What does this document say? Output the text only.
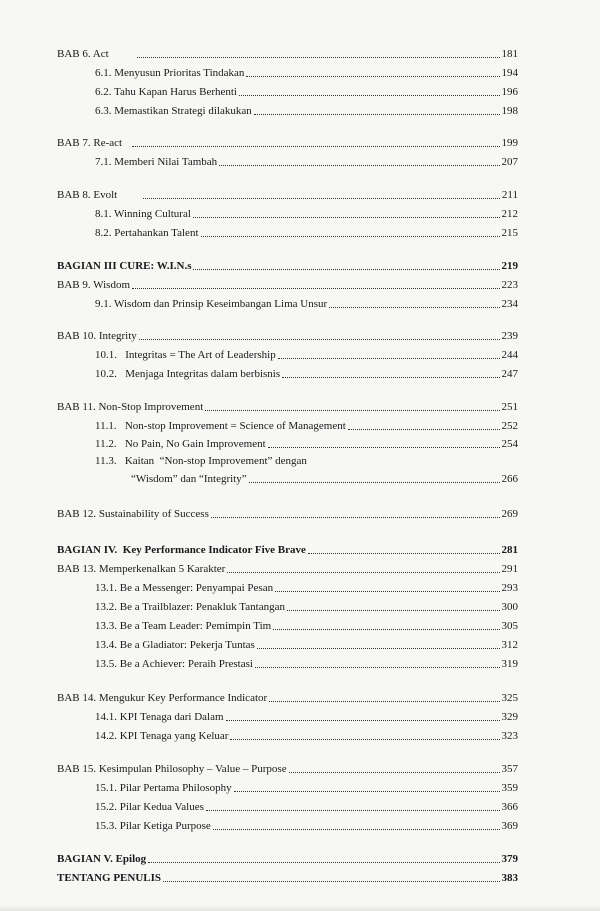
BAB 6. Act	181
6.1. Menyusun Prioritas Tindakan	194
6.2. Tahu Kapan Harus Berhenti	196
6.3. Memastikan Strategi dilakukan	198
BAB 7. Re-act	199
7.1. Memberi Nilai Tambah	207
BAB 8. Evolt	211
8.1. Winning Cultural	212
8.2. Pertahankan Talent	215
BAGIAN III CURE: W.I.N.s	219
BAB 9. Wisdom	223
9.1. Wisdom dan Prinsip Keseimbangan Lima Unsur	234
BAB 10. Integrity	239
10.1.   Integritas = The Art of Leadership	244
10.2.   Menjaga Integritas dalam berbisnis	247
BAB 11. Non-Stop Improvement	251
11.1.   Non-stop Improvement = Science of Management	252
11.2.   No Pain, No Gain Improvement	254
11.3.   Kaitan  “Non-stop Improvement” dengan
“Wisdom” dan “Integrity”	266
BAB 12. Sustainability of Success	269
BAGIAN IV.  Key Performance Indicator Five Brave	281
BAB 13. Memperkenalkan 5 Karakter	291
13.1. Be a Messenger: Penyampai Pesan	293
13.2. Be a Trailblazer: Penakluk Tantangan	300
13.3. Be a Team Leader: Pemimpin Tim	305
13.4. Be a Gladiator: Pekerja Tuntas	312
13.5. Be a Achiever: Peraih Prestasi	319
BAB 14. Mengukur Key Performance Indicator	325
14.1. KPI Tenaga dari Dalam	329
14.2. KPI Tenaga yang Keluar	323
BAB 15. Kesimpulan Philosophy – Value – Purpose	357
15.1. Pilar Pertama Philosophy	359
15.2. Pilar Kedua Values	366
15.3. Pilar Ketiga Purpose	369
BAGIAN V. Epilog	379
TENTANG PENULIS	383
